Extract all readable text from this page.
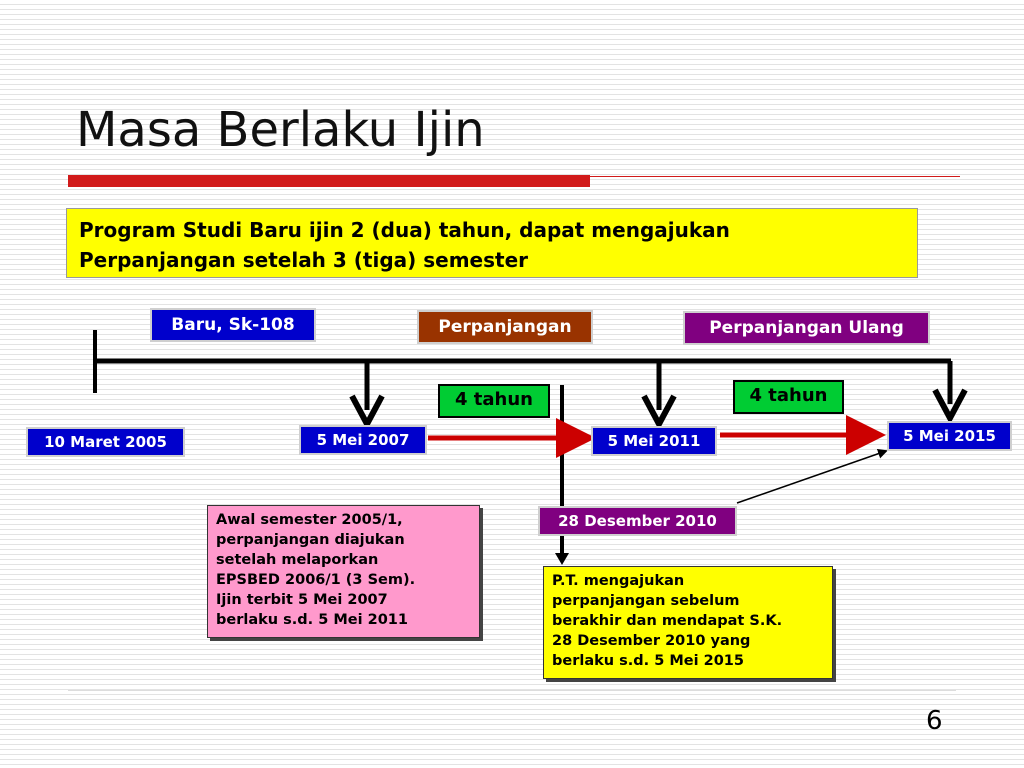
Masa Berlaku Ijin
Program Studi Baru ijin 2 (dua) tahun, dapat mengajukan
Perpanjangan setelah 3 (tiga) semester
Baru, Sk-108	Perpanjangan	Perpanjangan Ulang
4 tahun	4 tahun
10 Maret 2005	5 Mei 2007	5 Mei 2011	5 Mei 2015
28 Desember 2010
Awal semester 2005/1,
perpanjangan diajukan
setelah melaporkan
EPSBED 2006/1 (3 Sem).
Ijin terbit 5 Mei 2007
berlaku s.d. 5 Mei 2011
P.T. mengajukan
perpanjangan sebelum
berakhir dan mendapat S.K.
28 Desember 2010 yang
berlaku s.d. 5 Mei 2015
6
